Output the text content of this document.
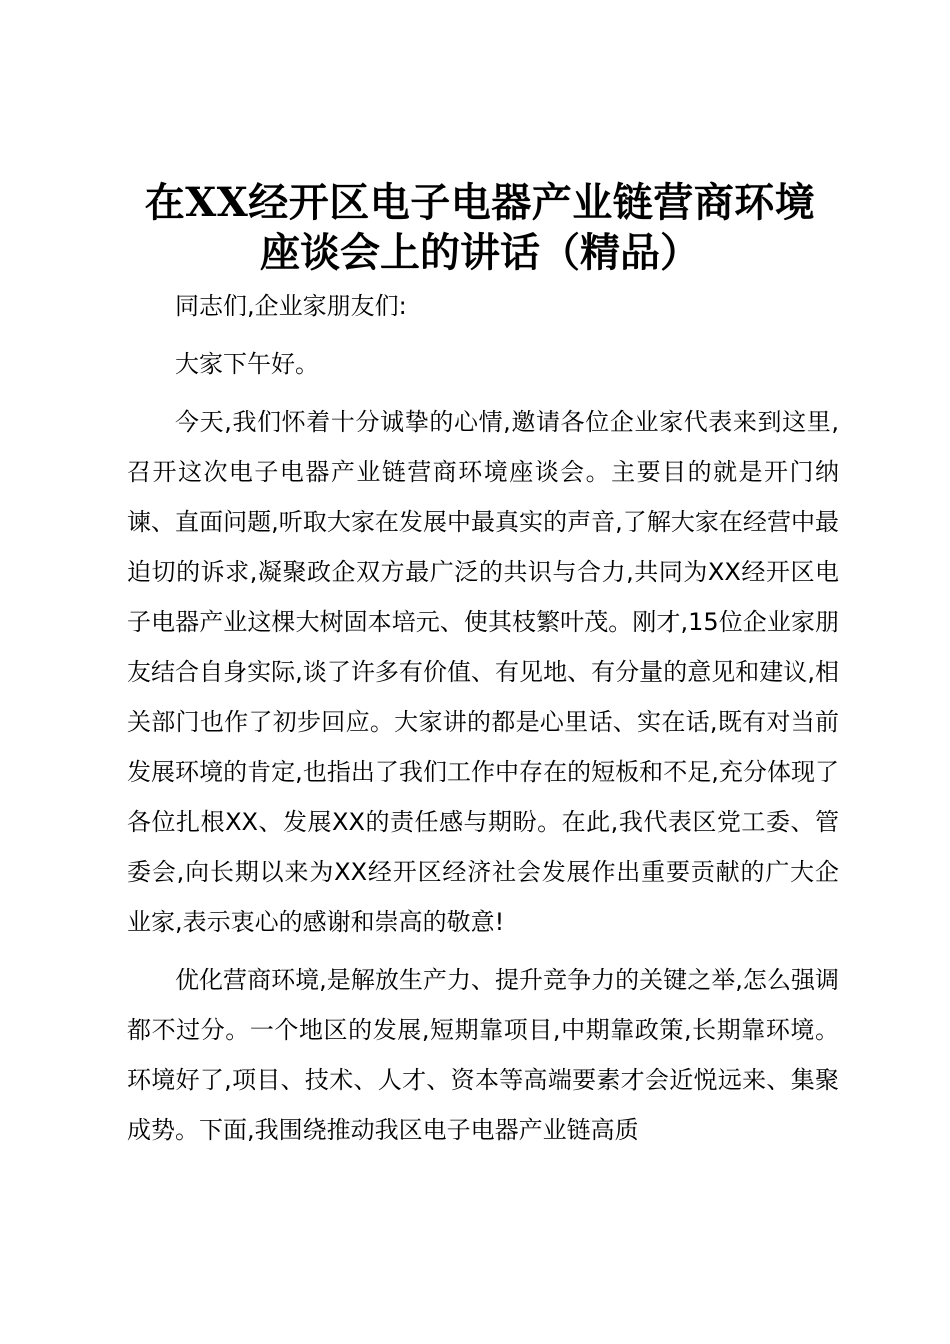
在XX经开区电子电器产业链营商环境
座谈会上的讲话（精品）

同志们,企业家朋友们:

大家下午好。

今天,我们怀着十分诚挚的心情,邀请各位企业家代表来到这里,召开这次电子电器产业链营商环境座谈会。主要目的就是开门纳谏、直面问题,听取大家在发展中最真实的声音,了解大家在经营中最迫切的诉求,凝聚政企双方最广泛的共识与合力,共同为XX经开区电子电器产业这棵大树固本培元、使其枝繁叶茂。刚才,15位企业家朋友结合自身实际,谈了许多有价值、有见地、有分量的意见和建议,相关部门也作了初步回应。大家讲的都是心里话、实在话,既有对当前发展环境的肯定,也指出了我们工作中存在的短板和不足,充分体现了各位扎根XX、发展XX的责任感与期盼。在此,我代表区党工委、管委会,向长期以来为XX经开区经济社会发展作出重要贡献的广大企业家,表示衷心的感谢和崇高的敬意!

优化营商环境,是解放生产力、提升竞争力的关键之举,怎么强调都不过分。一个地区的发展,短期靠项目,中期靠政策,长期靠环境。环境好了,项目、技术、人才、资本等高端要素才会近悦远来、集聚成势。下面,我围绕推动我区电子电器产业链高质
